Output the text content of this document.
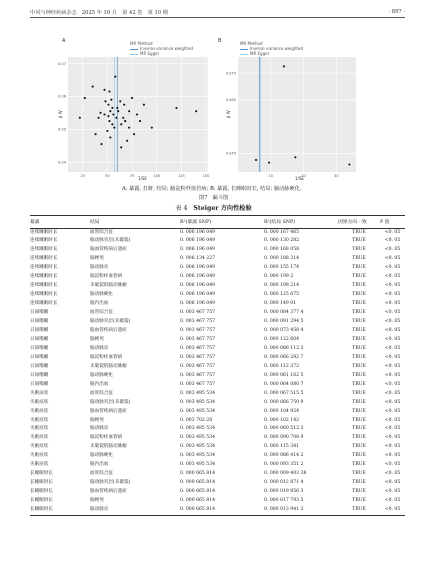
中风与神经疾病杂志　2025 年 10 月　第 42 卷　第 10 期	· 897 ·
A	MR Method
Inverse variance weighted
MR Egger
β IV
1/SE
25	50	75	100	125	150
0.04
0.05
0.06
0.07
B	MR Method
Inverse variance weighted
MR Egger
β IV
1/SE
10	20	30
0.045
0.065
0.075
A: 暴露, 打鼾, 结局: 脑淀粉样血管病; B: 暴露, 长睡眠时长, 结局: 脑动脉硬化。
图7　漏斗图
表 4 Steiger 方向性检验
暴露	结局	R²(暴露 SNP)	R²(结局 SNP)	因果方向一致	P 值
连续睡眠时长	血管综合征	0. 006 196 049	0. 000 167 465	TRUE	<0. 05
连续睡眠时长	脑动脉夹层(未破裂)	0. 006 196 049	0. 000 130 282	TRUE	<0. 05
连续睡眠时长	脑血管疾病后遗症	0. 006 196 049	0. 000 168 058	TRUE	<0. 05
连续睡眠时长	脑梗死	0. 006 134 227	0. 000 188 314	TRUE	<0. 05
连续睡眠时长	脑动脉炎	0. 006 196 049	0. 000 155 174	TRUE	<0. 05
连续睡眠时长	脑淀粉样血管病	0. 006 196 049	0. 000 199 2	TRUE	<0. 05
连续睡眠时长	未破裂的脑动脉瘤	0. 006 196 049	0. 000 198 214	TRUE	<0. 05
连续睡眠时长	脑动脉硬化	0. 006 196 049	0. 000 125 675	TRUE	<0. 05
连续睡眠时长	脑内出血	0. 006 196 049	0. 000 149 01	TRUE	<0. 05
日间嗜睡	血管综合征	0. 003 467 757	0. 000 084 377 4	TRUE	<0. 05
日间嗜睡	脑动脉夹层(未破裂)	0. 003 467 757	0. 000 091 294 5	TRUE	<0. 05
日间嗜睡	脑血管疾病后遗症	0. 003 467 757	0. 000 073 458 4	TRUE	<0. 05
日间嗜睡	脑梗死	0. 003 467 757	0. 000 122 604	TRUE	<0. 05
日间嗜睡	脑动脉炎	0. 003 467 757	0. 000 086 112 3	TRUE	<0. 05
日间嗜睡	脑淀粉样血管病	0. 003 467 757	0. 000 066 292 7	TRUE	<0. 05
日间嗜睡	未破裂的脑动脉瘤	0. 003 467 757	0. 000 112 372	TRUE	<0. 05
日间嗜睡	脑动脉硬化	0. 003 467 757	0. 000 061 162 5	TRUE	<0. 05
日间嗜睡	脑内出血	0. 003 467 757	0. 000 064 080 7	TRUE	<0. 05
失眠症状	血管综合征	0. 003 495 534	0. 000 067 515 5	TRUE	<0. 05
失眠症状	脑动脉夹层(未破裂)	0. 003 495 534	0. 000 066 750 9	TRUE	<0. 05
失眠症状	脑血管疾病后遗症	0. 003 495 534	0. 000 104 924	TRUE	<0. 05
失眠症状	脑梗死	0. 003 702 28	0. 000 102 142	TRUE	<0. 05
失眠症状	脑动脉炎	0. 003 495 534	0. 000 060 512 3	TRUE	<0. 05
失眠症状	脑淀粉样血管病	0. 003 495 534	0. 000 090 708 9	TRUE	<0. 05
失眠症状	未破裂的脑动脉瘤	0. 003 495 534	0. 000 115 341	TRUE	<0. 05
失眠症状	脑动脉硬化	0. 003 495 534	0. 000 086 414 2	TRUE	<0. 05
失眠症状	脑内出血	0. 003 495 534	0. 000 093 351 2	TRUE	<0. 05
长睡眠时长	血管综合征	0. 000 665 814	0. 000 009 403 38	TRUE	<0. 05
长睡眠时长	脑动脉夹层(未破裂)	0. 000 665 814	0. 000 012 871 4	TRUE	<0. 05
长睡眠时长	脑血管疾病后遗症	0. 000 665 814	0. 000 019 856 3	TRUE	<0. 05
长睡眠时长	脑梗死	0. 000 665 814	0. 000 017 793 5	TRUE	<0. 05
长睡眠时长	脑动脉炎	0. 000 665 814	0. 000 013 941 2	TRUE	<0. 05
